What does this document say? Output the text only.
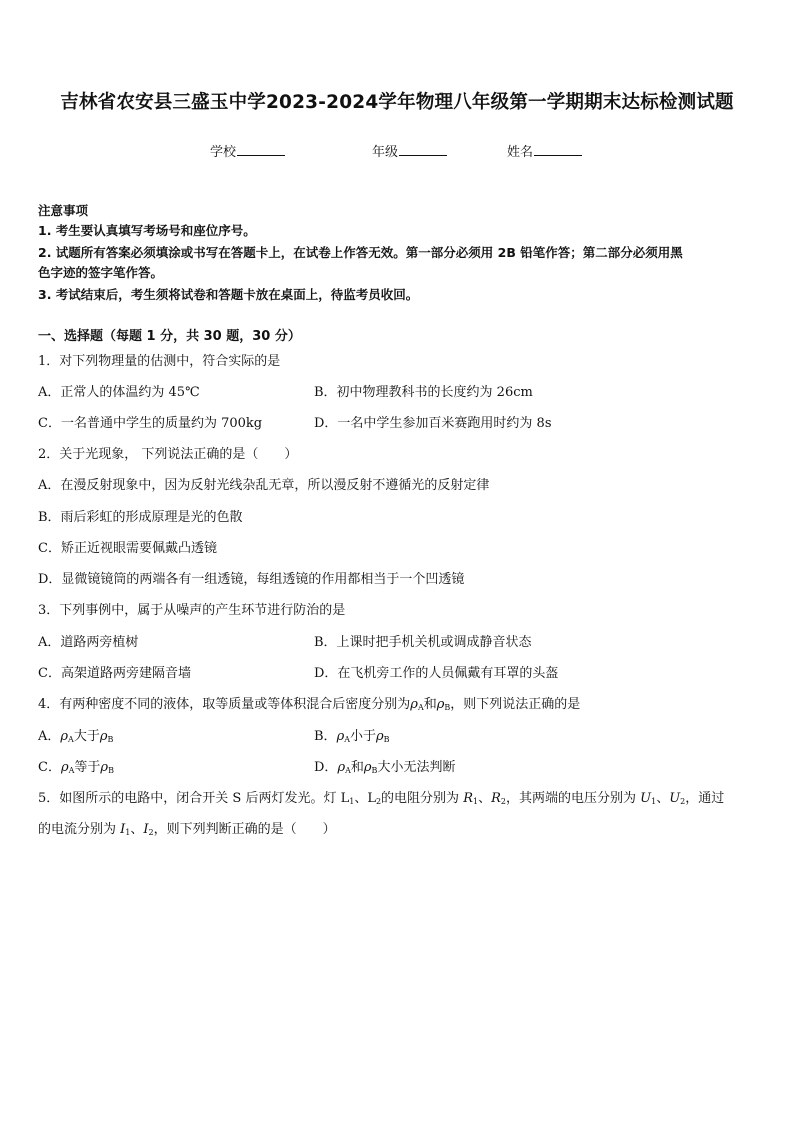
吉林省农安县三盛玉中学2023-2024学年物理八年级第一学期期末达标检测试题
学校	年级	姓名
注意事项
1. 考生要认真填写考场号和座位序号。
2. 试题所有答案必须填涂或书写在答题卡上，在试卷上作答无效。第一部分必须用 2B 铅笔作答；第二部分必须用黑
色字迹的签字笔作答。
3. 考试结束后，考生须将试卷和答题卡放在桌面上，待监考员收回。
一、选择题（每题 1 分，共 30 题，30 分）
1．对下列物理量的估测中，符合实际的是
A．正常人的体温约为 45℃	B．初中物理教科书的长度约为 26cm
C．一名普通中学生的质量约为 700kg	D．一名中学生参加百米赛跑用时约为 8s
2．关于光现象， 下列说法正确的是（　　）
A．在漫反射现象中，因为反射光线杂乱无章，所以漫反射不遵循光的反射定律
B．雨后彩虹的形成原理是光的色散
C．矫正近视眼需要佩戴凸透镜
D．显微镜镜筒的两端各有一组透镜，每组透镜的作用都相当于一个凹透镜
3．下列事例中，属于从噪声的产生环节进行防治的是
A．道路两旁植树	B．上课时把手机关机或调成静音状态
C．高架道路两旁建隔音墙	D．在飞机旁工作的人员佩戴有耳罩的头盔
4．有两种密度不同的液体，取等质量或等体积混合后密度分别为$\rho_A$和$\rho_B$，则下列说法正确的是
A．$\rho_A$大于$\rho_B$	B．$\rho_A$小于$\rho_B$
C．$\rho_A$等于$\rho_B$	D．$\rho_A$和$\rho_B$大小无法判断
5．如图所示的电路中，闭合开关 S 后两灯发光。灯 $L_1$、$L_2$的电阻分别为 $R_1$、$R_2$，其两端的电压分别为 $U_1$、$U_2$，通过
的电流分别为 $I_1$、$I_2$，则下列判断正确的是（　　）
